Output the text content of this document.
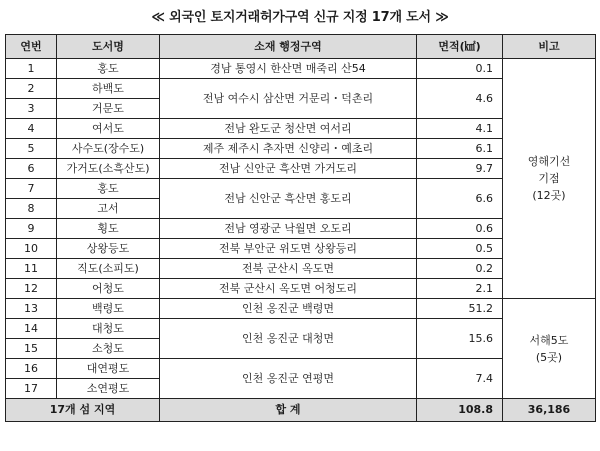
≪ 외국인 토지거래허가구역 신규 지정 17개 도서 ≫
연번	도서명	소재 행정구역	면적(㎢)	비고
1	홍도	경남 통영시 한산면 매죽리 산54	0.1	영해기선
기점
(12곳)

2	하백도	전남 여수시 삼산면 거문리・덕촌리	4.6	
3	거문도			
4	여서도	전남 완도군 청산면 여서리	4.1	
5	사수도(장수도)	제주 제주시 추자면 신양리・예초리	6.1	
6	가거도(소흑산도)	전남 신안군 흑산면 가거도리	9.7	
7	홍도	전남 신안군 흑산면 홍도리	6.6	
8	고서			
9	횡도	전남 영광군 낙월면 오도리	0.6	
10	상왕등도	전북 부안군 위도면 상왕등리	0.5	
11	직도(소피도)	전북 군산시 옥도면	0.2	
12	어청도	전북 군산시 옥도면 어청도리	2.1	
13	백령도	인천 옹진군 백령면	51.2	서해5도
(5곳)

14	대청도	인천 옹진군 대청면	15.6	
15	소청도			
16	대연평도	인천 옹진군 연평면	7.4	
17	소연평도			
17개 섬 지역		합 계	108.8	36,186
